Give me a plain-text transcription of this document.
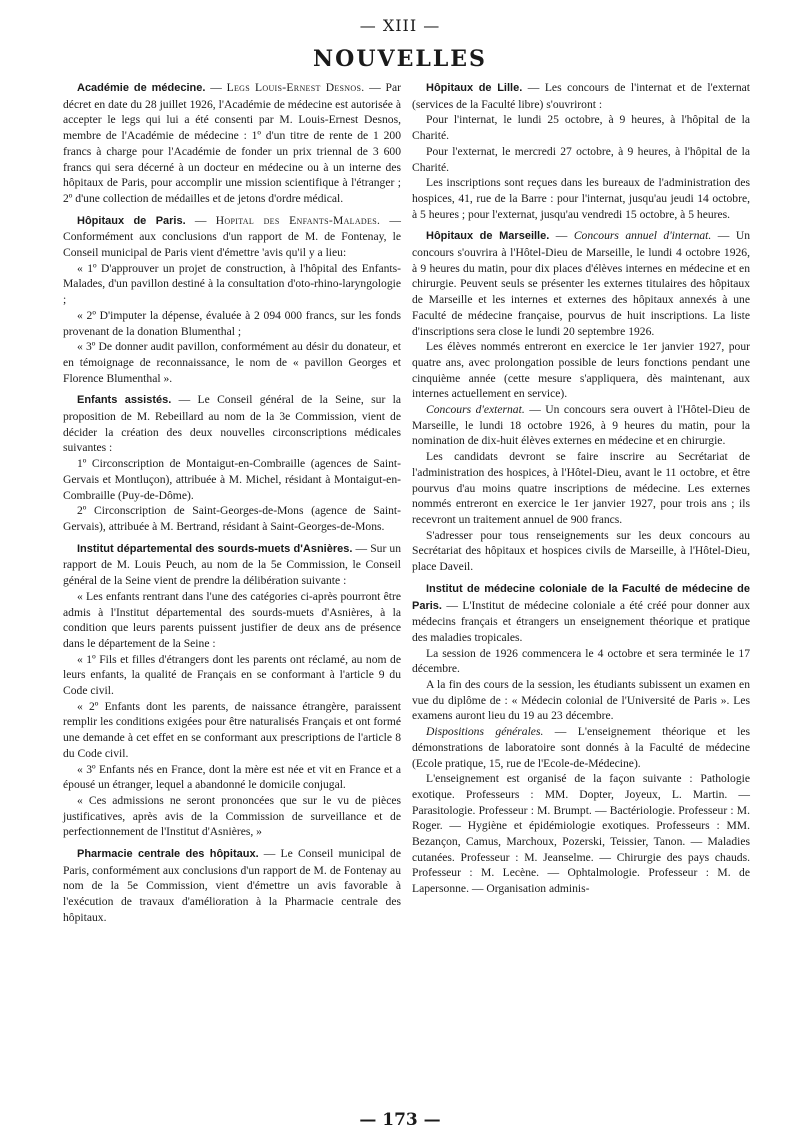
— XIII —
NOUVELLES

Académie de médecine. — Legs Louis-Ernest Desnos. — Par décret en date du 28 juillet 1926, l'Académie de médecine est autorisée à accepter le legs qui lui a été consenti par M. Louis-Ernest Desnos, membre de l'Académie de médecine : 1º d'un titre de rente de 1 200 francs à charge pour l'Académie de fonder un prix triennal de 3 600 francs qui sera décerné à un docteur en médecine ou à un interne des hôpitaux de Paris, pour accomplir une mission scientifique à l'étranger ; 2º d'une collection de médailles et de jetons d'ordre médical.

Hôpitaux de Paris. — Hopital des Enfants-Malades. — Conformément aux conclusions d'un rapport de M. de Fontenay, le Conseil municipal de Paris vient d'émettre 'avis qu'il y a lieu:

« 1º D'approuver un projet de construction, à l'hôpital des Enfants-Malades, d'un pavillon destiné à la consultation d'oto-rhino-laryngologie ;

« 2º D'imputer la dépense, évaluée à 2 094 000 francs, sur les fonds provenant de la donation Blumenthal ;

« 3º De donner audit pavillon, conformément au désir du donateur, et en témoignage de reconnaissance, le nom de « pavillon Georges et Florence Blumenthal ».

Enfants assistés. — Le Conseil général de la Seine, sur la proposition de M. Rebeillard au nom de la 3e Commission, vient de décider la création des deux nouvelles circonscriptions médicales suivantes :

1º Circonscription de Montaigut-en-Combraille (agences de Saint-Gervais et Montluçon), attribuée à M. Michel, résidant à Montaigut-en-Combraille (Puy-de-Dôme).

2º Circonscription de Saint-Georges-de-Mons (agence de Saint-Gervais), attribuée à M. Bertrand, résidant à Saint-Georges-de-Mons.

Institut départemental des sourds-muets d'Asnières. — Sur un rapport de M. Louis Peuch, au nom de la 5e Commission, le Conseil général de la Seine vient de prendre la délibération suivante :

« Les enfants rentrant dans l'une des catégories ci-après pourront être admis à l'Institut départemental des sourds-muets d'Asnières, à la condition que leurs parents puissent justifier de deux ans de présence dans le département de la Seine :

« 1º Fils et filles d'étrangers dont les parents ont réclamé, au nom de leurs enfants, la qualité de Français en se conformant à l'article 9 du Code civil.

« 2º Enfants dont les parents, de naissance étrangère, paraissent remplir les conditions exigées pour être naturalisés Français et ont formé une demande à cet effet en se conformant aux prescriptions de l'article 8 du Code civil.

« 3º Enfants nés en France, dont la mère est née et vit en France et a épousé un étranger, lequel a abandonné le domicile conjugal.

« Ces admissions ne seront prononcées que sur le vu de pièces justificatives, après avis de la Commission de surveillance et de perfectionnement de l'Institut d'Asnières, »

Pharmacie centrale des hôpitaux. — Le Conseil municipal de Paris, conformément aux conclusions d'un rapport de M. de Fontenay au nom de la 5e Commission, vient d'émettre un avis favorable à l'exécution de travaux d'amélioration à la Pharmacie centrale des hôpitaux.

Hôpitaux de Lille. — Les concours de l'internat et de l'externat (services de la Faculté libre) s'ouvriront :

Pour l'internat, le lundi 25 octobre, à 9 heures, à l'hôpital de la Charité.

Pour l'externat, le mercredi 27 octobre, à 9 heures, à l'hôpital de la Charité.

Les inscriptions sont reçues dans les bureaux de l'administration des hospices, 41, rue de la Barre : pour l'internat, jusqu'au jeudi 14 octobre, à 5 heures ; pour l'externat, jusqu'au vendredi 15 octobre, à 5 heures.

Hôpitaux de Marseille. — Concours annuel d'internat. — Un concours s'ouvrira à l'Hôtel-Dieu de Marseille, le lundi 4 octobre 1926, à 9 heures du matin, pour dix places d'élèves internes en médecine et en chirurgie. Peuvent seuls se présenter les externes titulaires des hôpitaux de Marseille et les internes et externes des hôpitaux annexés à une Faculté de médecine française, pourvus de huit inscriptions. La liste d'inscriptions sera close le lundi 20 septembre 1926.

Les élèves nommés entreront en exercice le 1er janvier 1927, pour quatre ans, avec prolongation possible de leurs fonctions pendant une cinquième année (cette mesure s'appliquera, dès maintenant, aux internes actuellement en service).

Concours d'externat. — Un concours sera ouvert à l'Hôtel-Dieu de Marseille, le lundi 18 octobre 1926, à 9 heures du matin, pour la nomination de dix-huit élèves externes en médecine et en chirurgie.

Les candidats devront se faire inscrire au Secrétariat de l'administration des hospices, à l'Hôtel-Dieu, avant le 11 octobre, et être pourvus d'au moins quatre inscriptions de médecine. Les externes nommés entreront en exercice le 1er janvier 1927, pour trois ans ; ils recevront un traitement annuel de 900 francs.

S'adresser pour tous renseignements sur les deux concours au Secrétariat des hôpitaux et hospices civils de Marseille, à l'Hôtel-Dieu, place Daveil.

Institut de médecine coloniale de la Faculté de médecine de Paris. — L'Institut de médecine coloniale a été créé pour donner aux médecins français et étrangers un enseignement théorique et pratique des maladies tropicales.

La session de 1926 commencera le 4 octobre et sera terminée le 17 décembre.

A la fin des cours de la session, les étudiants subissent un examen en vue du diplôme de : « Médecin colonial de l'Université de Paris ». Les examens auront lieu du 19 au 23 décembre.

Dispositions générales. — L'enseignement théorique et les démonstrations de laboratoire sont donnés à la Faculté de médecine (Ecole pratique, 15, rue de l'Ecole-de-Médecine).

L'enseignement est organisé de la façon suivante : Pathologie exotique. Professeurs : MM. Dopter, Joyeux, L. Martin. — Parasitologie. Professeur : M. Brumpt. — Bactériologie. Professeur : M. Roger. — Hygiène et épidémiologie exotiques. Professeurs : MM. Bezançon, Camus, Marchoux, Pozerski, Teissier, Tanon. — Maladies cutanées. Professeur : M. Jeanselme. — Chirurgie des pays chauds. Professeur : M. Lecène. — Ophtalmologie. Professeur : M. de Lapersonne. — Organisation adminis-

— 173 —
